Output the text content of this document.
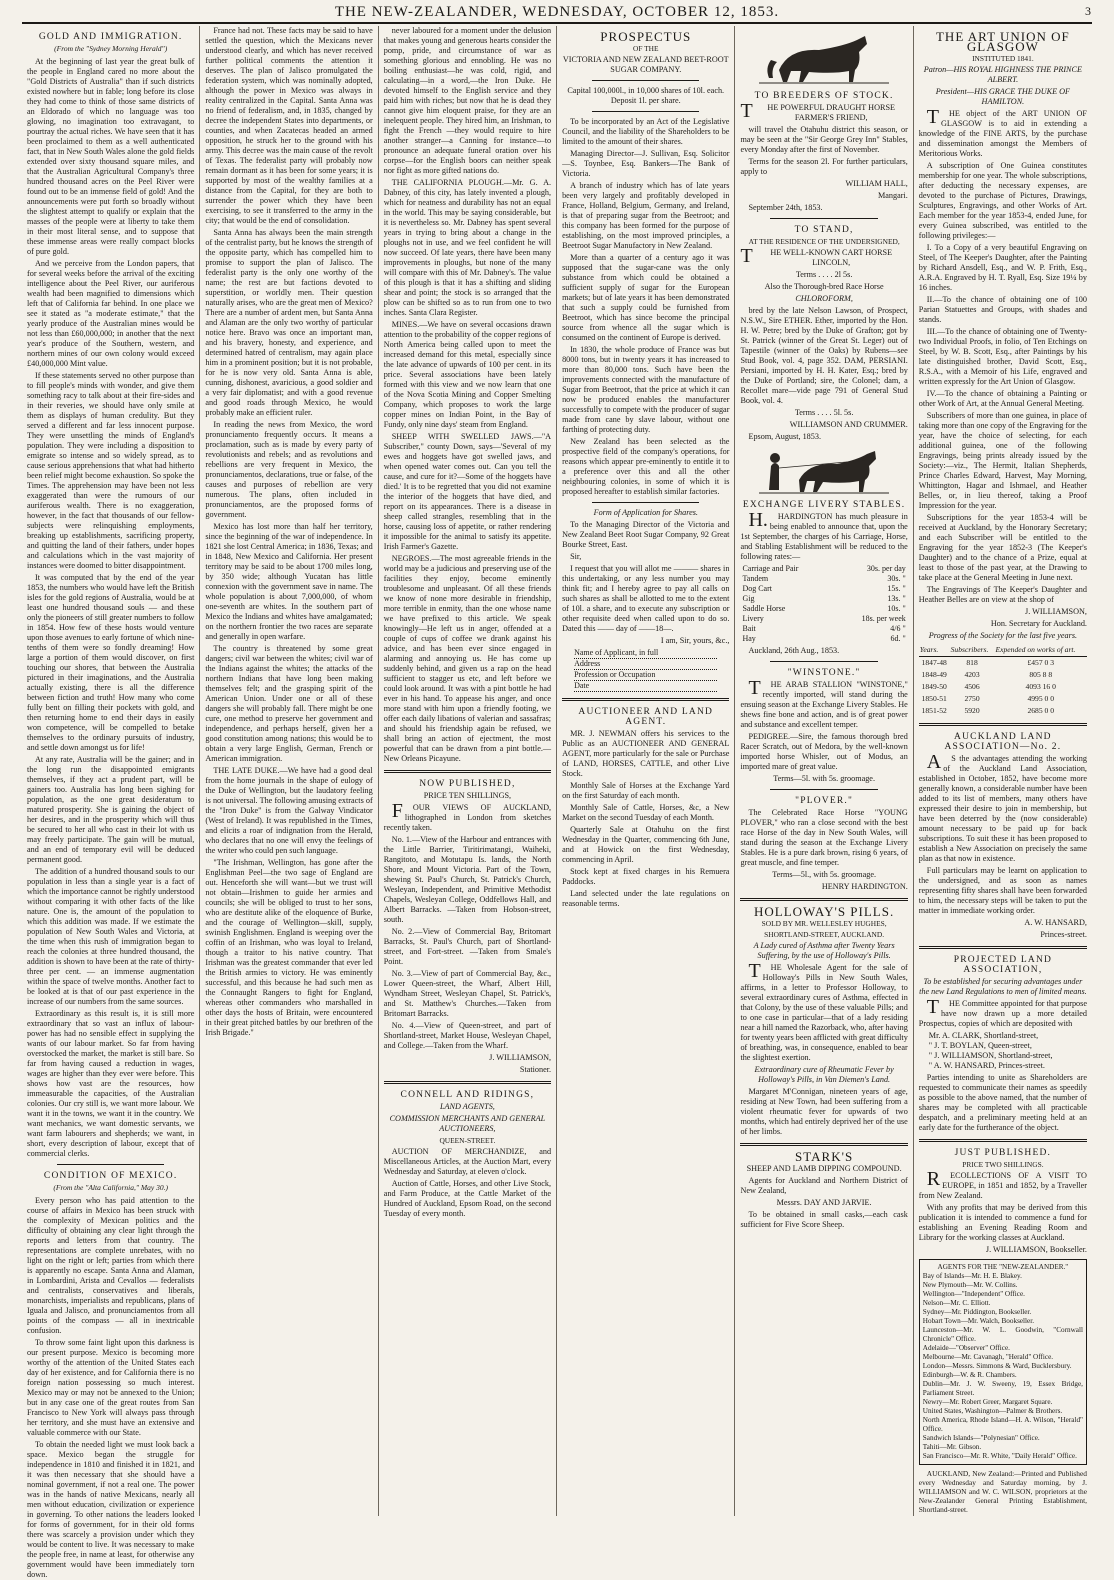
THE NEW-ZEALANDER, WEDNESDAY, OCTOBER 12, 1853.	3
GOLD AND IMMIGRATION.
(From the "Sydney Morning Herald")

At the beginning of last year the great bulk of the people in England cared no more about the "Gold Districts of Australia" than if such districts existed nowhere but in fable; long before its close they had come to think of those same districts of an Eldorado of which no language was too glowing, no imagination too extravagant, to pourtray the actual riches. We have seen that it has been proclaimed to them as a well authenticated fact, that in New South Wales alone the gold fields extended over sixty thousand square miles, and that the Australian Agricultural Company's three hundred thousand acres on the Peel River were found out to be an immense field of gold! And the announcements were put forth so broadly without the slightest attempt to qualify or explain that the masses of the people were at liberty to take them in their most literal sense, and to suppose that these immense areas were really compact blocks of pure gold.

And we perceive from the London papers, that for several weeks before the arrival of the exciting intelligence about the Peel River, our auriferous wealth had been magnified to dimensions which left that of California far behind. In one place we see it stated as "a moderate estimate," that the yearly produce of the Australian mines would be not less than £60,000,000; in another that the next year's produce of the Southern, western, and northern mines of our own colony would exceed £40,000,000 Mint value.

If these statements served no other purpose than to fill people's minds with wonder, and give them something racy to talk about at their fire-sides and in their reveries, we should have only smile at them as displays of human credulity. But they served a different and far less innocent purpose. They were unsettling the minds of England's population. They were including a disposition to emigrate so intense and so widely spread, as to cause serious apprehensions that what had hitherto been relief might become exhaustion. So spoke the Times. The apprehension may have been not less exaggerated than were the rumours of our auriferous wealth. There is no exaggeration, however, in the fact that thousands of our fellow-subjects were relinquishing employments, breaking up establishments, sacrificing property, and quitting the land of their fathers, under hopes and calculations which in the vast majority of instances were doomed to bitter disappointment.

It was computed that by the end of the year 1853, the numbers who would have left the British isles for the gold regions of Australia, would be at least one hundred thousand souls — and these only the pioneers of still greater numbers to follow in 1854. How few of these hosts would venture upon those avenues to early fortune of which nine-tenths of them were so fondly dreaming! How large a portion of them would discover, on first touching our shores, that between the Australia pictured in their imaginations, and the Australia actually existing, there is all the difference between fiction and truth! How many who come fully bent on filling their pockets with gold, and then returning home to end their days in easily won competence, will be compelled to betake themselves to the ordinary pursuits of industry, and settle down amongst us for life!

At any rate, Australia will be the gainer; and in the long run the disappointed emigrants themselves, if they act a prudent part, will be gainers too. Australia has long been sighing for population, as the one great desideratum to matured prosperity. She is gaining the object of her desires, and in the prosperity which will thus be secured to her all who cast in their lot with us may freely participate. The gain will be mutual, and an end of temporary evil will be deduced permanent good.

The addition of a hundred thousand souls to our population in less than a single year is a fact of which the importance cannot be rightly understood without comparing it with other facts of the like nature. One is, the amount of the population to which this addition was made. If we estimate the population of New South Wales and Victoria, at the time when this rush of immigration began to reach the colonies at three hundred thousand, the addition is shown to have been at the rate of thirty-three per cent. — an immense augmentation within the space of twelve months. Another fact to be looked at is that of our past experience in the increase of our numbers from the same sources.

Extraordinary as this result is, it is still more extraordinary that so vast an influx of labour-power has had no sensible effect in supplying the wants of our labour market. So far from having overstocked the market, the market is still bare. So far from having caused a reduction in wages, wages are higher than they ever were before. This shows how vast are the resources, how immeasurable the capacities, of the Australian colonies. Our cry still is, we want more labour. We want it in the towns, we want it in the country. We want mechanics, we want domestic servants, we want farm labourers and shepherds; we want, in short, every description of labour, except that of commercial clerks.

CONDITION OF MEXICO.
(From the "Alta California," May 30.)

Every person who has paid attention to the course of affairs in Mexico has been struck with the complexity of Mexican politics and the difficulty of obtaining any clear light through the reports and letters from that country. The representations are complete unrebates, with no light on the right or left; parties from which there is apparently no escape. Santa Anna and Alaman, in Lombardini, Arista and Cevallos — federalists and centralists, conservatives and liberals, monarchists, imperialists and republicans, plans of Iguala and Jalisco, and pronunciamentos from all points of the compass — all in inextricable confusion.

To throw some faint light upon this darkness is our present purpose. Mexico is becoming more worthy of the attention of the United States each day of her existence, and for California there is no foreign nation possessing so much interest. Mexico may or may not be annexed to the Union; but in any case one of the great routes from San Francisco to New York will always pass through her territory, and she must have an extensive and valuable commerce with our State.

To obtain the needed light we must look back a space. Mexico began the struggle for independence in 1810 and finished it in 1821, and it was then necessary that she should have a nominal government, if not a real one. The power was in the hands of native Mexicans, nearly all men without education, civilization or experience in governing. To other nations the leaders looked for forms of government, for in their old forms there was scarcely a provision under which they would be content to live. It was necessary to make the people free, in name at least, for otherwise any government would have been immediately torn down.

France had not. These facts may be said to have settled the question, which the Mexicans never understood clearly, and which has never received further political comments the attention it deserves. The plan of Jalisco promulgated the federation system, which was nominally adopted, although the power in Mexico was always in reality centralized in the Capital. Santa Anna was no friend of federalism, and, in 1835, changed by decree the independent States into departments, or counties, and when Zacatecas headed an armed opposition, he struck her to the ground with his army. This decree was the main cause of the revolt of Texas. The federalist party will probably now remain dormant as it has been for some years; it is supported by most of the wealthy families at a distance from the Capital, for they are both to surrender the power which they have been exercising, to see it transferred to the army in the city; that would be the end of consolidation.

Santa Anna has always been the main strength of the centralist party, but he knows the strength of the opposite party, which has compelled him to promise to support the plan of Jalisco. The federalist party is the only one worthy of the name; the rest are but factions devoted to superstition, or worldly men. Their question naturally arises, who are the great men of Mexico? There are a number of ardent men, but Santa Anna and Alaman are the only two worthy of particular notice here. Bravo was once an important man, and his bravery, honesty, and experience, and determined hatred of centralism, may again place him in a prominent position; but it is not probable, for he is now very old. Santa Anna is able, cunning, dishonest, avaricious, a good soldier and a very fair diplomatist; and with a good revenue and good roads through Mexico, he would probably make an efficient ruler.

In reading the news from Mexico, the word pronunciamento frequently occurs. It means a proclamation, such as is made by every party of revolutionists and rebels; and as revolutions and rebellions are very frequent in Mexico, the pronunciamentos, declarations, true or false, of the causes and purposes of rebellion are very numerous. The plans, often included in pronunciamentos, are the proposed forms of government.

Mexico has lost more than half her territory, since the beginning of the war of independence. In 1821 she lost Central America; in 1836, Texas; and in 1848, New Mexico and California. Her present territory may be said to be about 1700 miles long, by 350 wide; although Yucatan has little connexion with the government save in name. The whole population is about 7,000,000, of whom one-seventh are whites. In the southern part of Mexico the Indians and whites have amalgamated; on the northern frontier the two races are separate and generally in open warfare.

The country is threatened by some great dangers; civil war between the whites; civil war of the Indians against the whites; the attacks of the northern Indians that have long been making themselves felt; and the grasping spirit of the American Union. Under one or all of these dangers she will probably fall. There might be one cure, one method to preserve her government and independence, and perhaps herself, given her a good constitution among nations; this would be to obtain a very large English, German, French or American immigration.

THE LATE DUKE.—We have had a good deal from the home journals in the shape of eulogy of the Duke of Wellington, but the laudatory feeling is not universal. The following amusing extracts of the "Iron Duke" is from the Galway Vindicator (West of Ireland). It was republished in the Times, and elicits a roar of indignation from the Herald, who declares that no one will envy the feelings of the writer who could pen such language.

"The Irishman, Wellington, has gone after the Englishman Peel—the two sage of England are out. Henceforth she will want—but we trust will not obtain—Irishmen to guide her armies and councils; she will be obliged to trust to her sons, who are destitute alike of the eloquence of Burke, and the courage of Wellington—skill, supply, swinish Englishmen. England is weeping over the coffin of an Irishman, who was loyal to Ireland, though a traitor to his native country. That Irishman was the greatest commander that ever led the British armies to victory. He was eminently successful, and this because he had such men as the Connaught Rangers to fight for England, whereas other commanders who marshalled in other days the hosts of Britain, were encountered in their great pitched battles by our brethren of the Irish Brigade."

never laboured for a moment under the delusion that makes young and generous hearts consider the pomp, pride, and circumstance of war as something glorious and ennobling. He was no boiling enthusiast—he was cold, rigid, and calculating—in a word,—the Iron Duke. He devoted himself to the English service and they paid him with riches; but now that he is dead they cannot give him eloquent praise, for they are an inelequent people. They hired him, an Irishman, to fight the French —they would require to hire another stranger—a Canning for instance—to pronounce an adequate funeral oration over his corpse—for the English boors can neither speak nor fight as more gifted nations do.

THE CALIFORNIA PLOUGH.—Mr. G. A. Dabney, of this city, has lately invented a plough, which for neatness and durability has not an equal in the world. This may be saying considerable, but it is nevertheless so. Mr. Dabney has spent several years in trying to bring about a change in the ploughs not in use, and we feel confident he will now succeed. Of late years, there have been many improvements in ploughs, but none of the many will compare with this of Mr. Dabney's. The value of this plough is that it has a shifting and sliding shear and point; the stock is so arranged that the plow can be shifted so as to run from one to two inches. Santa Clara Register.

MINES.—We have on several occasions drawn attention to the probability of the copper regions of North America being called upon to meet the increased demand for this metal, especially since the late advance of upwards of 100 per cent. in its price. Several associations have been lately formed with this view and we now learn that one of the Nova Scotia Mining and Copper Smelting Company, which proposes to work the large copper mines on Indian Point, in the Bay of Fundy, only nine days' steam from England.

SHEEP WITH SWELLED JAWS.—"A Subscriber," county Down, says—'Several of my ewes and hoggets have got swelled jaws, and when opened water comes out. Can you tell the cause, and cure for it?—Some of the hoggets have died.' It is to be regretted that you did not examine the interior of the hoggets that have died, and report on its appearances. There is a disease in sheep called strangles, resembling that in the horse, causing loss of appetite, or rather rendering it impossible for the animal to satisfy its appetite. Irish Farmer's Gazette.

NEGROES.—The most agreeable friends in the world may be a judicious and preserving use of the facilities they enjoy, become eminently troublesome and unpleasant. Of all these friends we know of none more desirable in friendship, more terrible in enmity, than the one whose name we have prefixed to this article. We speak knowingly—He left us in anger, offended at a couple of cups of coffee we drank against his advice, and has been ever since engaged in alarming and annoying us. He has come up suddenly behind, and given us a rap on the head sufficient to stagger us etc, and left before we could look around. It was with a pint bottle he had ever in his hand. To appease his anger, and once more stand with him upon a friendly footing, we offer each daily libations of valerian and sassafras; and should his friendship again be refused, we shall bring an action of ejectment, the most powerful that can be drawn from a pint bottle.—New Orleans Picayune.

NOW PUBLISHED,

PRICE TEN SHILLINGS,

FOUR VIEWS OF AUCKLAND, lithographed in London from sketches recently taken.

No. 1.—View of the Harbour and entrances with the Little Barrier, Tiritirimatangi, Waiheki, Rangitoto, and Motutapu Is. lands, the North Shore, and Mount Victoria. Part of the Town, shewing St. Paul's Church, St. Patrick's Church, Wesleyan, Independent, and Primitive Methodist Chapels, Wesleyan College, Oddfellows Hall, and Albert Barracks. —Taken from Hobson-street, south.

No. 2.—View of Commercial Bay, Britomart Barracks, St. Paul's Church, part of Shortland-street, and Fort-street. —Taken from Smale's Point.

No. 3.—View of part of Commercial Bay, &c., Lower Queen-street, the Wharf, Albert Hill, Wyndham Street, Wesleyan Chapel, St. Patrick's, and St. Matthew's Churches.—Taken from Britomart Barracks.

No. 4.—View of Queen-street, and part of Shortland-street, Market House, Wesleyan Chapel, and College.—Taken from the Wharf.

J. WILLIAMSON,

Stationer.

CONNELL AND RIDINGS,

LAND AGENTS,

COMMISSION MERCHANTS AND GENERAL AUCTIONEERS,

QUEEN-STREET.

AUCTION OF MERCHANDIZE, and Miscellaneous Articles, at the Auction Mart, every Wednesday and Saturday, at eleven o'clock.

Auction of Cattle, Horses, and other Live Stock, and Farm Produce, at the Cattle Market of the Hundred of Auckland, Epsom Road, on the second Tuesday of every month.

PROSPECTUS

OF THE

VICTORIA AND NEW ZEALAND BEET-ROOT SUGAR COMPANY.

Capital 100,000l., in 10,000 shares of 10l. each. Deposit 1l. per share.

To be incorporated by an Act of the Legislative Council, and the liability of the Shareholders to be limited to the amount of their shares.

Managing Director—J. Sullivan, Esq. Solicitor—S. Toynbee, Esq. Bankers—The Bank of Victoria.

A branch of industry which has of late years been very largely and profitably developed in France, Holland, Belgium, Germany, and Ireland, is that of preparing sugar from the Beetroot; and this company has been formed for the purpose of establishing, on the most improved principles, a Beetroot Sugar Manufactory in New Zealand.

More than a quarter of a century ago it was supposed that the sugar-cane was the only substance from which could be obtained a sufficient supply of sugar for the European markets; but of late years it has been demonstrated that such a supply could be furnished from Beetroot, which has since become the principal source from whence all the sugar which is consumed on the continent of Europe is derived.

In 1830, the whole produce of France was but 8000 tons, but in twenty years it has increased to more than 80,000 tons. Such have been the improvements connected with the manufacture of Sugar from Beetroot, that the price at which it can now be produced enables the manufacturer successfully to compete with the producer of sugar made from cane by slave labour, without one farthing of protecting duty.

New Zealand has been selected as the prospective field of the company's operations, for reasons which appear pre-eminently to entitle it to a preference over this and all the other neighbouring colonies, in some of which it is proposed hereafter to establish similar factories.

Form of Application for Shares.

To the Managing Director of the Victoria and New Zealand Beet Root Sugar Company, 92 Great Bourke Street, East.

Sir,

I request that you will allot me ——— shares in this undertaking, or any less number you may think fit; and I hereby agree to pay all calls on such shares as shall be allotted to me to the extent of 10l. a share, and to execute any subscription or other requisite deed when called upon to do so. Dated this —— day of ——18—.

I am, Sir, yours, &c.,

Name of Applicant, in full
Address
Profession or Occupation
Date
AUCTIONEER AND LAND AGENT.

MR. J. NEWMAN offers his services to the Public as an AUCTIONEER AND GENERAL AGENT, more particularly for the sale or Purchase of LAND, HORSES, CATTLE, and other Live Stock.

Monthly Sale of Horses at the Exchange Yard on the first Saturday of each month.

Monthly Sale of Cattle, Horses, &c, a New Market on the second Tuesday of each Month.

Quarterly Sale at Otahuhu on the first Wednesday in the Quarter, commencing 6th June, and at Howick on the first Wednesday, commencing in April.

Stock kept at fixed charges in his Remuera Paddocks.

Land selected under the late regulations on reasonable terms.

TO BREEDERS OF STOCK.

THE POWERFUL DRAUGHT HORSE FARMER'S FRIEND,

will travel the Otahuhu district this season, or may be seen at the "Sir George Grey Inn" Stables, every Monday after the first of November.

Terms for the season 2l. For further particulars, apply to

WILLIAM HALL,

Mangari.

September 24th, 1853.

TO STAND,

AT THE RESIDENCE OF THE UNDERSIGNED,

THE WELL-KNOWN CART HORSE LINCOLN,

Terms . . . . 2l 5s.

Also the Thorough-bred Race Horse

CHLOROFORM,

bred by the late Nelson Lawson, of Prospect, N.S.W., Sire ETHER. Ether, imported by the Hon. H. W. Petre; bred by the Duke of Grafton; got by St. Patrick (winner of the Great St. Leger) out of Tapestile (winner of the Oaks) by Rubens—see Stud Book, vol. 4, page 352. DAM, PERSIANI. Persiani, imported by H. H. Kater, Esq.; bred by the Duke of Portland; sire, the Colonel; dam, a Recollet mare—vide page 791 of General Stud Book, vol. 4.

Terms . . . . 5l. 5s.

WILLIAMSON AND CRUMMER.

Epsom, August, 1853.

EXCHANGE LIVERY STABLES.

H.HARDINGTON has much pleasure in being enabled to announce that, upon the 1st September, the charges of his Carriage, Horse, and Stabling Establishment will be reduced to the following rates:—

Carriage and Pair	30s. per day
Tandem	30s. "
Dog Cart	15s. "
Gig	13s. "
Saddle Horse	10s. "
Livery	18s. per week
Bait	4/6 "
Hay	6d. "

Auckland, 26th Aug., 1853.

"WINSTONE."

THE ARAB STALLION "WINSTONE," recently imported, will stand during the ensuing season at the Exchange Livery Stables. He shews fine bone and action, and is of great power and substance and excellent temper.

PEDIGREE.—Sire, the famous thorough bred Racer Scratch, out of Medora, by the well-known imported horse Whisler, out of Modus, an imported mare of great value.

Terms—5l. with 5s. groomage.

"PLOVER."

The Celebrated Race Horse "YOUNG PLOVER," who ran a close second with the best race Horse of the day in New South Wales, will stand during the season at the Exchange Livery Stables. He is a pure dark brown, rising 6 years, of great muscle, and fine temper.

Terms—5l., with 5s. groomage.

HENRY HARDINGTON.

HOLLOWAY'S PILLS.

SOLD BY MR. WELLESLEY HUGHES,

SHORTLAND-STREET, AUCKLAND.

A Lady cured of Asthma after Twenty Years Suffering, by the use of Holloway's Pills.

THE Wholesale Agent for the sale of Holloway's Pills in New South Wales, affirms, in a letter to Professor Holloway, to several extraordinary cures of Asthma, effected in that Colony, by the use of these valuable Pills; and to one case in particular—that of a lady residing near a hill named the Razorback, who, after having for twenty years been afflicted with great difficulty of breathing, was, in consequence, enabled to bear the slightest exertion.

Extraordinary cure of Rheumatic Fever by Holloway's Pills, in Van Diemen's Land.

Margaret M'Connigan, nineteen years of age, residing at New Town, had been suffering from a violent rheumatic fever for upwards of two months, which had entirely deprived her of the use of her limbs.

STARK'S

SHEEP AND LAMB DIPPING COMPOUND.

Agents for Auckland and Northern District of New Zealand,

Messrs. DAY AND JARVIE.

To be obtained in small casks,—each cask sufficient for Five Score Sheep.

THE ART UNION OF GLASGOW

INSTITUTED 1841.

Patron—HIS ROYAL HIGHNESS THE PRINCE ALBERT.

President—HIS GRACE THE DUKE OF HAMILTON.

THE object of the ART UNION OF GLASGOW is to aid in extending a knowledge of the FINE ARTS, by the purchase and dissemination amongst the Members of Meritorious Works.

A subscription of One Guinea constitutes membership for one year. The whole subscriptions, after deducting the necessary expenses, are devoted to the purchase of Pictures, Drawings, Sculptures, Engravings, and other Works of Art. Each member for the year 1853-4, ended June, for every Guinea subscribed, was entitled to the following privileges:—

I. To a Copy of a very beautiful Engraving on Steel, of The Keeper's Daughter, after the Painting by Richard Ansdell, Esq., and W. P. Frith, Esq., A.R.A. Engraved by H. T. Ryall, Esq. Size 19¼ by 16 inches.

II.—To the chance of obtaining one of 100 Parian Statuettes and Groups, with shades and stands.

III.—To the chance of obtaining one of Twenty-two Individual Proofs, in folio, of Ten Etchings on Steel, by W. B. Scott, Esq., after Paintings by his late distinguished brother, David Scott, Esq., R.S.A., with a Memoir of his Life, engraved and written expressly for the Art Union of Glasgow.

IV.—To the chance of obtaining a Painting or other Work of Art, at the Annual General Meeting.

Subscribers of more than one guinea, in place of taking more than one copy of the Engraving for the year, have the choice of selecting, for each additional guinea, one of the following Engravings, being prints already issued by the Society:—viz., The Hermit, Italian Shepherds, Prince Charles Edward, Harvest, May Morning, Whittington, Hagar and Ishmael, and Heather Belles, or, in lieu thereof, taking a Proof Impression for the year.

Subscriptions for the year 1853-4 will be received at Auckland, by the Honorary Secretary; and each Subscriber will be entitled to the Engraving for the year 1852-3 (The Keeper's Daughter) and to the chance of a Prize, equal at least to those of the past year, at the Drawing to take place at the General Meeting in June next.

The Engravings of The Keeper's Daughter and Heather Belles are on view at the shop of

J. WILLIAMSON,

Hon. Secretary for Auckland.

Progress of the Society for the last five years.

Years.	Subscribers.	Expended on works of art.
1847-48	818	£457 0 3
1848-49	4203	805 8 8
1849-50	4506	4093 16 0
1850-51	2750	4995 0 0
1851-52	5920	2685 0 0
AUCKLAND LAND ASSOCIATION—No. 2.

AS the advantages attending the working of the Auckland Land Association, established in October, 1852, have become more generally known, a considerable number have been added to its list of members, many others have expressed their desire to join in membership, but have been deterred by the (now considerable) amount necessary to be paid up for back subscriptions. To suit these it has been proposed to establish a New Association on precisely the same plan as that now in existence.

Full particulars may be learnt on application to the undersigned, and as soon as names representing fifty shares shall have been forwarded to him, the necessary steps will be taken to put the matter in immediate working order.

A. W. HANSARD,

Princes-street.

PROJECTED LAND ASSOCIATION,

To be established for securing advantages under the new Land Regulations to men of limited means.

THE Committee appointed for that purpose have now drawn up a more detailed Prospectus, copies of which are deposited with

Mr. A. CLARK, Shortland-street,
" J. T. BOYLAN, Queen-street,
" J. WILLIAMSON, Shortland-street,
" A. W. HANSARD, Princes-street.

Parties intending to unite as Shareholders are requested to communicate their names as speedily as possible to the above named, that the number of shares may be completed with all practicable despatch, and a preliminary meeting held at an early date for the furtherance of the object.

JUST PUBLISHED.

PRICE TWO SHILLINGS.

RECOLLECTIONS OF A VISIT TO EUROPE, in 1851 and 1852, by a Traveller from New Zealand.

With any profits that may be derived from this publication it is intended to commence a fund for establishing an Evening Reading Room and Library for the working classes at Auckland.

J. WILLIAMSON, Bookseller.

AGENTS FOR THE "NEW-ZEALANDER."

Bay of Islands—Mr. H. E. Blakey.

New Plymouth—Mr. W. Collins.

Wellington—"Independent" Office.

Nelson—Mr. C. Elliott.

Sydney—Mr. Piddington, Bookseller.

Hobart Town—Mr. Walch, Bookseller.

Launceston—Mr. W. L. Goodwin, "Cornwall Chronicle" Office.

Adelaide—"Observer" Office.

Melbourne—Mr. Cavanagh, "Herald" Office.

London—Messrs. Simmons & Ward, Bucklersbury.

Edinburgh—W. & R. Chambers.

Dublin—Mr. J. W. Sweeny, 19, Essex Bridge, Parliament Street.

Newry—Mr. Robert Greer, Margaret Square.

United States, Washington—Palmer & Brothers.

North America, Rhode Island—H. A. Wilson, "Herald" Office.

Sandwich Islands—"Polynesian" Office.

Tahiti—Mr. Gibson.

San Francisco—Mr. R. White, "Daily Herald" Office.

AUCKLAND, New Zealand:—Printed and Published every Wednesday and Saturday morning, by J. WILLIAMSON and W. C. WILSON, proprietors at the New-Zealander General Printing Establishment, Shortland-street.
